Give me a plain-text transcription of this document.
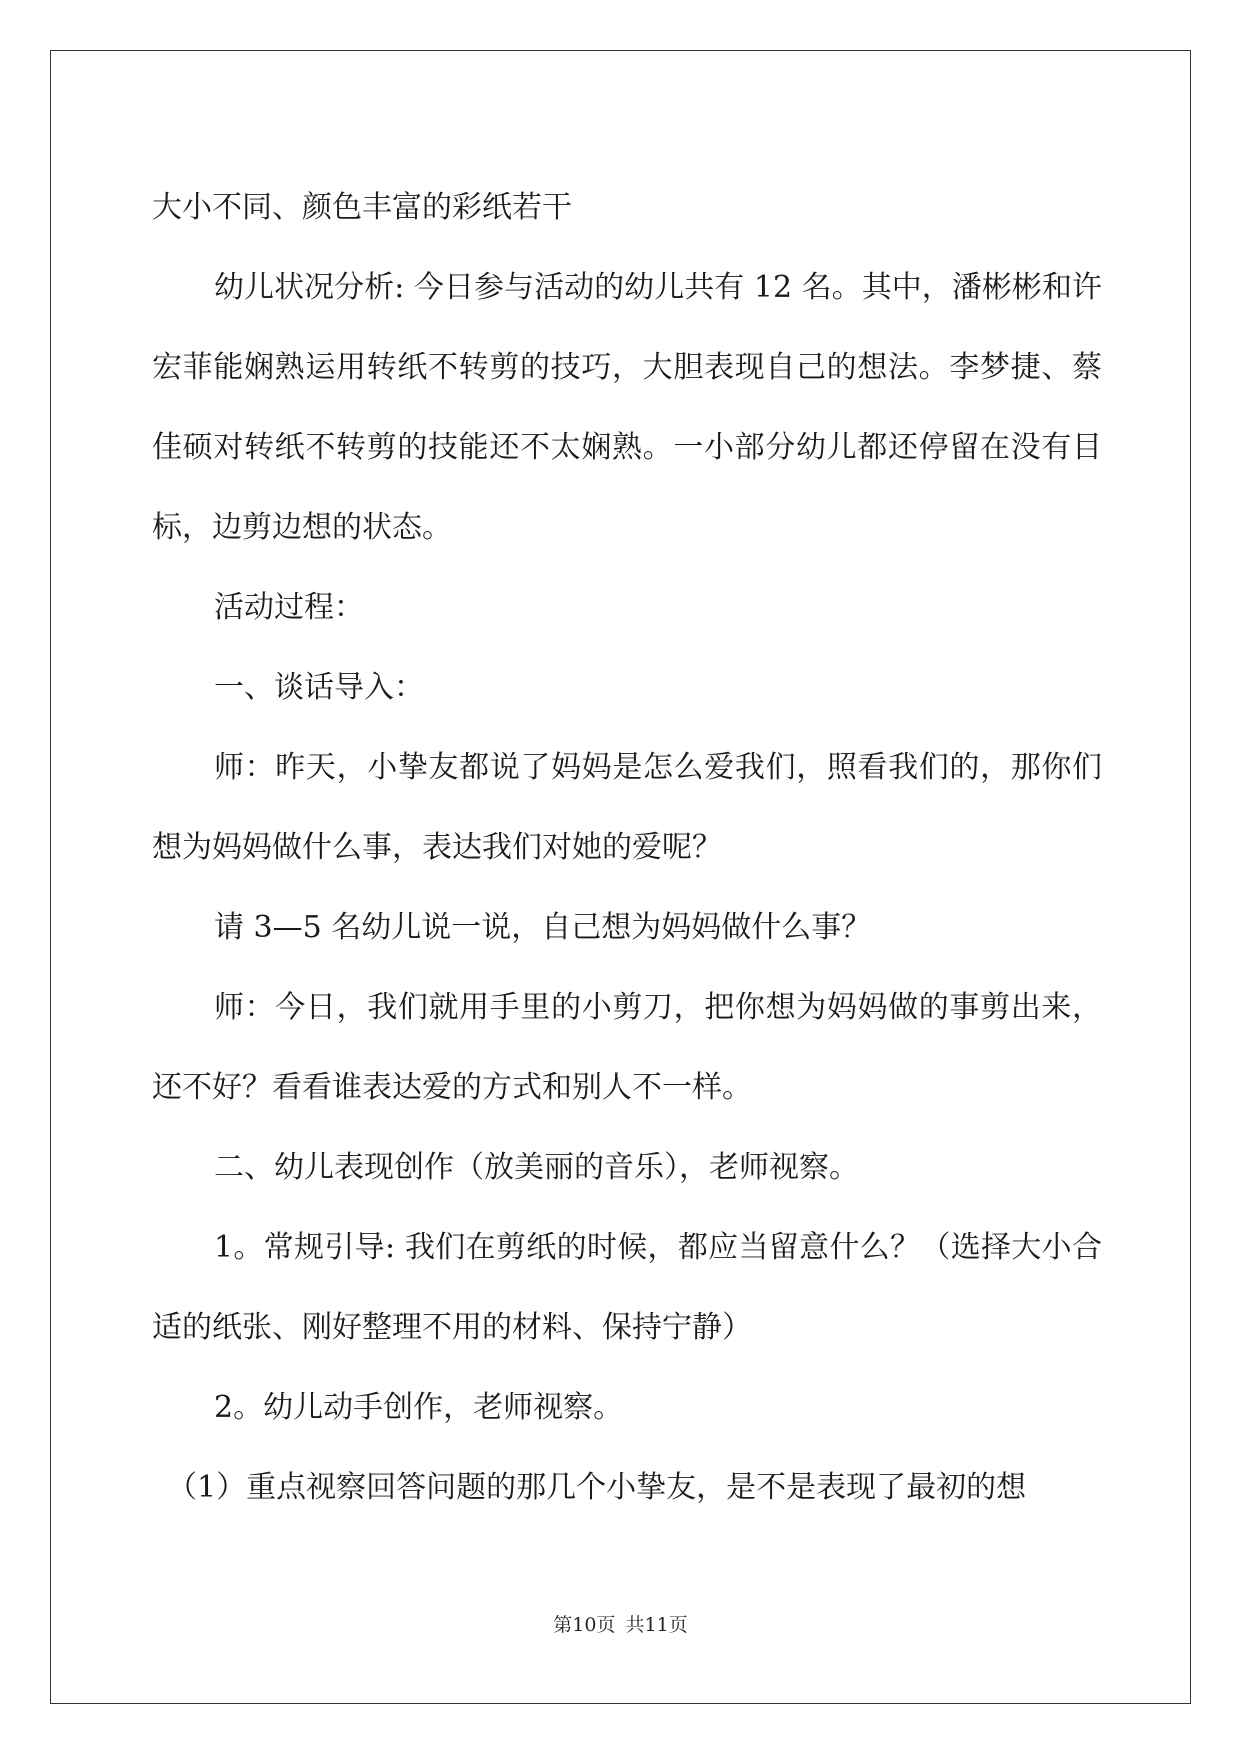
大小不同、颜色丰富的彩纸若干

幼儿状况分析: 今日参与活动的幼儿共有 12 名。其中，潘彬彬和许宏菲能娴熟运用转纸不转剪的技巧，大胆表现自己的想法。李梦捷、蔡佳硕对转纸不转剪的技能还不太娴熟。一小部分幼儿都还停留在没有目标，边剪边想的状态。

活动过程：

一、谈话导入：

师：昨天，小挚友都说了妈妈是怎么爱我们，照看我们的，那你们想为妈妈做什么事，表达我们对她的爱呢？

请 3—5 名幼儿说一说，自己想为妈妈做什么事？

师：今日，我们就用手里的小剪刀，把你想为妈妈做的事剪出来，还不好？看看谁表达爱的方式和别人不一样。

二、幼儿表现创作（放美丽的音乐），老师视察。

1。常规引导: 我们在剪纸的时候，都应当留意什么？（选择大小合适的纸张、刚好整理不用的材料、保持宁静）

2。幼儿动手创作，老师视察。

（1）重点视察回答问题的那几个小挚友，是不是表现了最初的想

第10页 共11页
